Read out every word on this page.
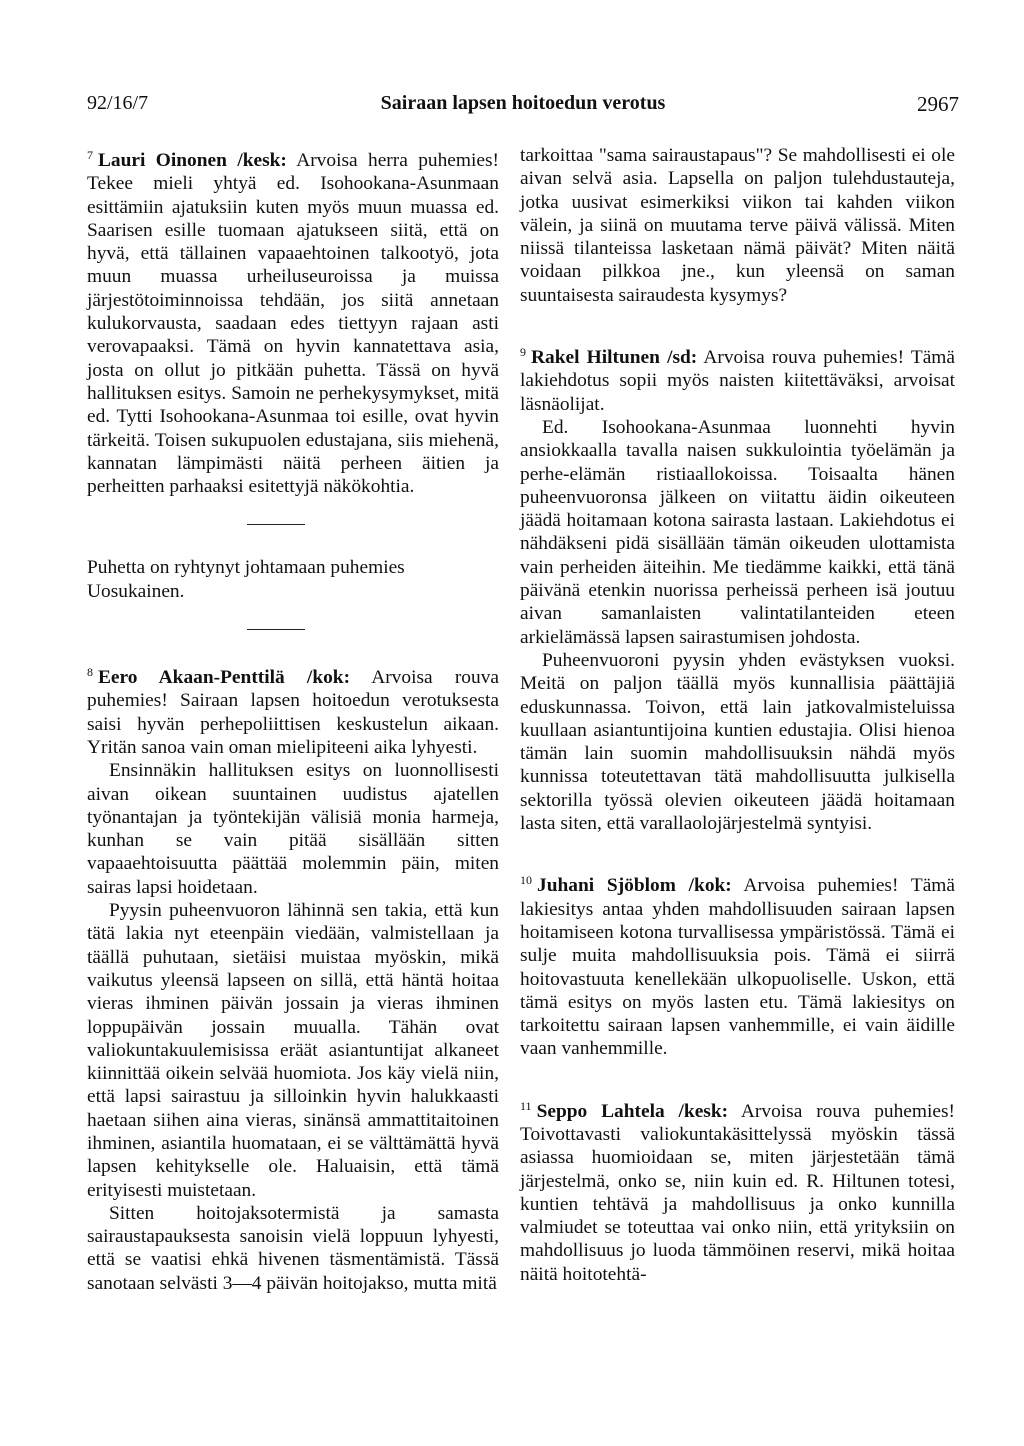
92/16/7	Sairaan lapsen hoitoedun verotus	2967

$^7$ Lauri Oinonen /kesk: Arvoisa herra puhemies! Tekee mieli yhtyä ed. Isohookana-Asunmaan esittämiin ajatuksiin kuten myös muun muassa ed. Saarisen esille tuomaan ajatukseen siitä, että on hyvä, että tällainen vapaaehtoinen talkootyö, jota muun muassa urheiluseuroissa ja muissa järjestötoiminnoissa tehdään, jos siitä annetaan kulukorvausta, saadaan edes tiettyyn rajaan asti verovapaaksi. Tämä on hyvin kannatettava asia, josta on ollut jo pitkään puhetta. Tässä on hyvä hallituksen esitys. Samoin ne perhekysymykset, mitä ed. Tytti Isohookana-Asunmaa toi esille, ovat hyvin tärkeitä. Toisen sukupuolen edustajana, siis miehenä, kannatan lämpimästi näitä perheen äitien ja perheitten parhaaksi esitettyjä näkökohtia.

Puhetta on ryhtynyt johtamaan puhemies Uosukainen.

$^8$ Eero Akaan-Penttilä /kok: Arvoisa rouva puhemies! Sairaan lapsen hoitoedun verotuksesta saisi hyvän perhepoliittisen keskustelun aikaan. Yritän sanoa vain oman mielipiteeni aika lyhyesti.

Ensinnäkin hallituksen esitys on luonnollisesti aivan oikean suuntainen uudistus ajatellen työnantajan ja työntekijän välisiä monia harmeja, kunhan se vain pitää sisällään sitten vapaaehtoisuutta päättää molemmin päin, miten sairas lapsi hoidetaan.

Pyysin puheenvuoron lähinnä sen takia, että kun tätä lakia nyt eteenpäin viedään, valmistellaan ja täällä puhutaan, sietäisi muistaa myöskin, mikä vaikutus yleensä lapseen on sillä, että häntä hoitaa vieras ihminen päivän jossain ja vieras ihminen loppupäivän jossain muualla. Tähän ovat valiokuntakuulemisissa eräät asiantuntijat alkaneet kiinnittää oikein selvää huomiota. Jos käy vielä niin, että lapsi sairastuu ja silloinkin hyvin halukkaasti haetaan siihen aina vieras, sinänsä ammattitaitoinen ihminen, asiantila huomataan, ei se välttämättä hyvä lapsen kehitykselle ole. Haluaisin, että tämä erityisesti muistetaan.

Sitten hoitojaksotermistä ja samasta sairaustapauksesta sanoisin vielä loppuun lyhyesti, että se vaatisi ehkä hivenen täsmentämistä. Tässä sanotaan selvästi 3—4 päivän hoitojakso, mutta mitä

tarkoittaa "sama sairaustapaus"? Se mahdollisesti ei ole aivan selvä asia. Lapsella on paljon tulehdustauteja, jotka uusivat esimerkiksi viikon tai kahden viikon välein, ja siinä on muutama terve päivä välissä. Miten niissä tilanteissa lasketaan nämä päivät? Miten näitä voidaan pilkkoa jne., kun yleensä on saman suuntaisesta sairaudesta kysymys?

$^9$ Rakel Hiltunen /sd: Arvoisa rouva puhemies! Tämä lakiehdotus sopii myös naisten kiitettäväksi, arvoisat läsnäolijat.

Ed. Isohookana-Asunmaa luonnehti hyvin ansiokkaalla tavalla naisen sukkulointia työelämän ja perhe-elämän ristiaallokoissa. Toisaalta hänen puheenvuoronsa jälkeen on viitattu äidin oikeuteen jäädä hoitamaan kotona sairasta lastaan. Lakiehdotus ei nähdäkseni pidä sisällään tämän oikeuden ulottamista vain perheiden äiteihin. Me tiedämme kaikki, että tänä päivänä etenkin nuorissa perheissä perheen isä joutuu aivan samanlaisten valintatilanteiden eteen arkielämässä lapsen sairastumisen johdosta.

Puheenvuoroni pyysin yhden evästyksen vuoksi. Meitä on paljon täällä myös kunnallisia päättäjiä eduskunnassa. Toivon, että lain jatkovalmisteluissa kuullaan asiantuntijoina kuntien edustajia. Olisi hienoa tämän lain suomin mahdollisuuksin nähdä myös kunnissa toteutettavan tätä mahdollisuutta julkisella sektorilla työssä olevien oikeuteen jäädä hoitamaan lasta siten, että varallaolojärjestelmä syntyisi.

$^{10}$ Juhani Sjöblom /kok: Arvoisa puhemies! Tämä lakiesitys antaa yhden mahdollisuuden sairaan lapsen hoitamiseen kotona turvallisessa ympäristössä. Tämä ei sulje muita mahdollisuuksia pois. Tämä ei siirrä hoitovastuuta kenellekään ulkopuoliselle. Uskon, että tämä esitys on myös lasten etu. Tämä lakiesitys on tarkoitettu sairaan lapsen vanhemmille, ei vain äidille vaan vanhemmille.

$^{11}$ Seppo Lahtela /kesk: Arvoisa rouva puhemies! Toivottavasti valiokuntakäsittelyssä myöskin tässä asiassa huomioidaan se, miten järjestetään tämä järjestelmä, onko se, niin kuin ed. R. Hiltunen totesi, kuntien tehtävä ja mahdollisuus ja onko kunnilla valmiudet se toteuttaa vai onko niin, että yrityksiin on mahdollisuus jo luoda tämmöinen reservi, mikä hoitaa näitä hoitotehtä-
